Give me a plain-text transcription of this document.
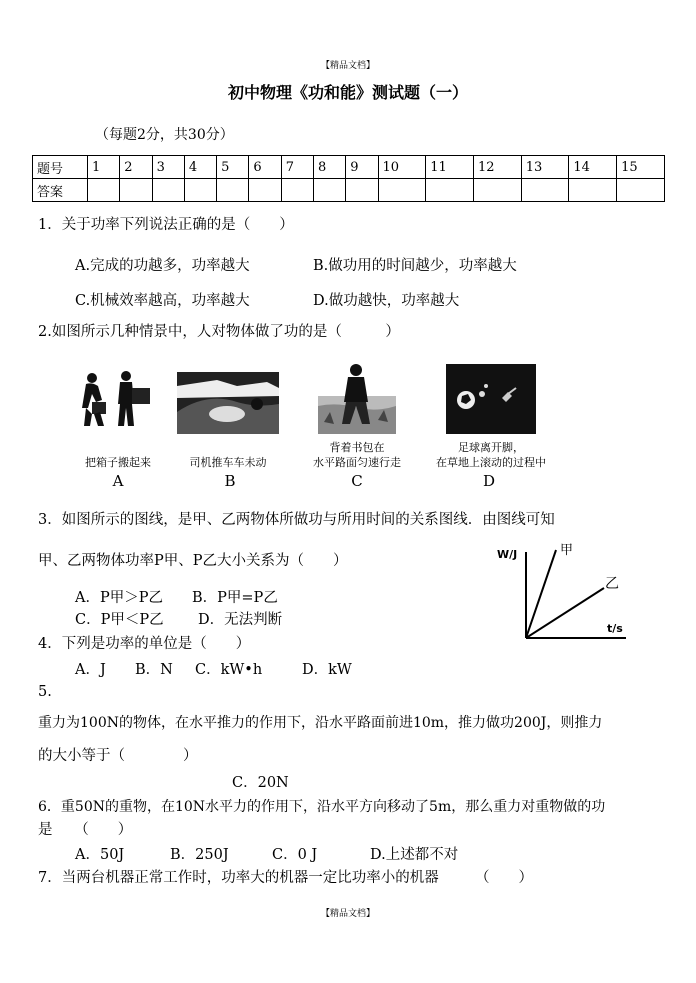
【精品文档】
初中物理《功和能》测试题（一）
（每题2分，共30分）
题号	1	2	3	4	5	6	7	8	9	10	11	12	13	14	15
答案															
1．关于功率下列说法正确的是（　　）
A.完成的功越多，功率越大	B.做功用的时间越少，功率越大
C.机械效率越高，功率越大	D.做功越快，功率越大
2.如图所示几种情景中，人对物体做了功的是（　　　）
把箱子搬起来
A
司机推车车未动
B
背着书包在
水平路面匀速行走
C
足球离开脚，
在草地上滚动的过程中
D
3．如图所示的图线，是甲、乙两物体所做功与所用时间的关系图线．由图线可知
甲、乙两物体功率P甲、P乙大小关系为（　　）
A．P甲＞P乙 B．P甲=P乙
C．P甲＜P乙 D．无法判断
W/J
t/s
甲
乙
4．下列是功率的单位是（　　）
A．J B．N C．kW•h	D．kW
5.
重力为100N的物体，在水平推力的作用下，沿水平路面前进10m，推力做功200J，则推力
的大小等于（　　　　）
C．20N
6．重50N的重物，在10N水平力的作用下，沿水平方向移动了5m，那么重力对重物做的功
是　　（　　）
A．50J	B．250J	C．0 J	D.上述都不对
7．当两台机器正常工作时，功率大的机器一定比功率小的机器　　　（　　）
【精品文档】
